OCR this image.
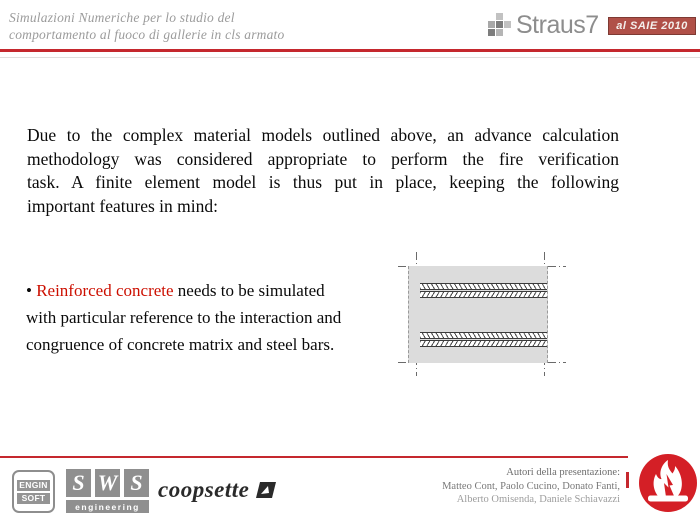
Simulazioni Numeriche per lo studio del
comportamento al fuoco di gallerie in cls armato	Straus7	al SAIE 2010
Due to the complex material models outlined above, an advance calculation
methodology was considered appropriate to perform the fire verification
task. A finite element model is thus put in place, keeping the following
important features in mind:
• Reinforced concrete needs to be simulated
with particular reference to the interaction and
congruence of concrete matrix and steel bars.
ENGIN
SOFT
S W S
engineering
coopsette
Autori della presentazione:
Matteo Cont, Paolo Cucino, Donato Fanti,
Alberto Omisenda, Daniele Schiavazzi
